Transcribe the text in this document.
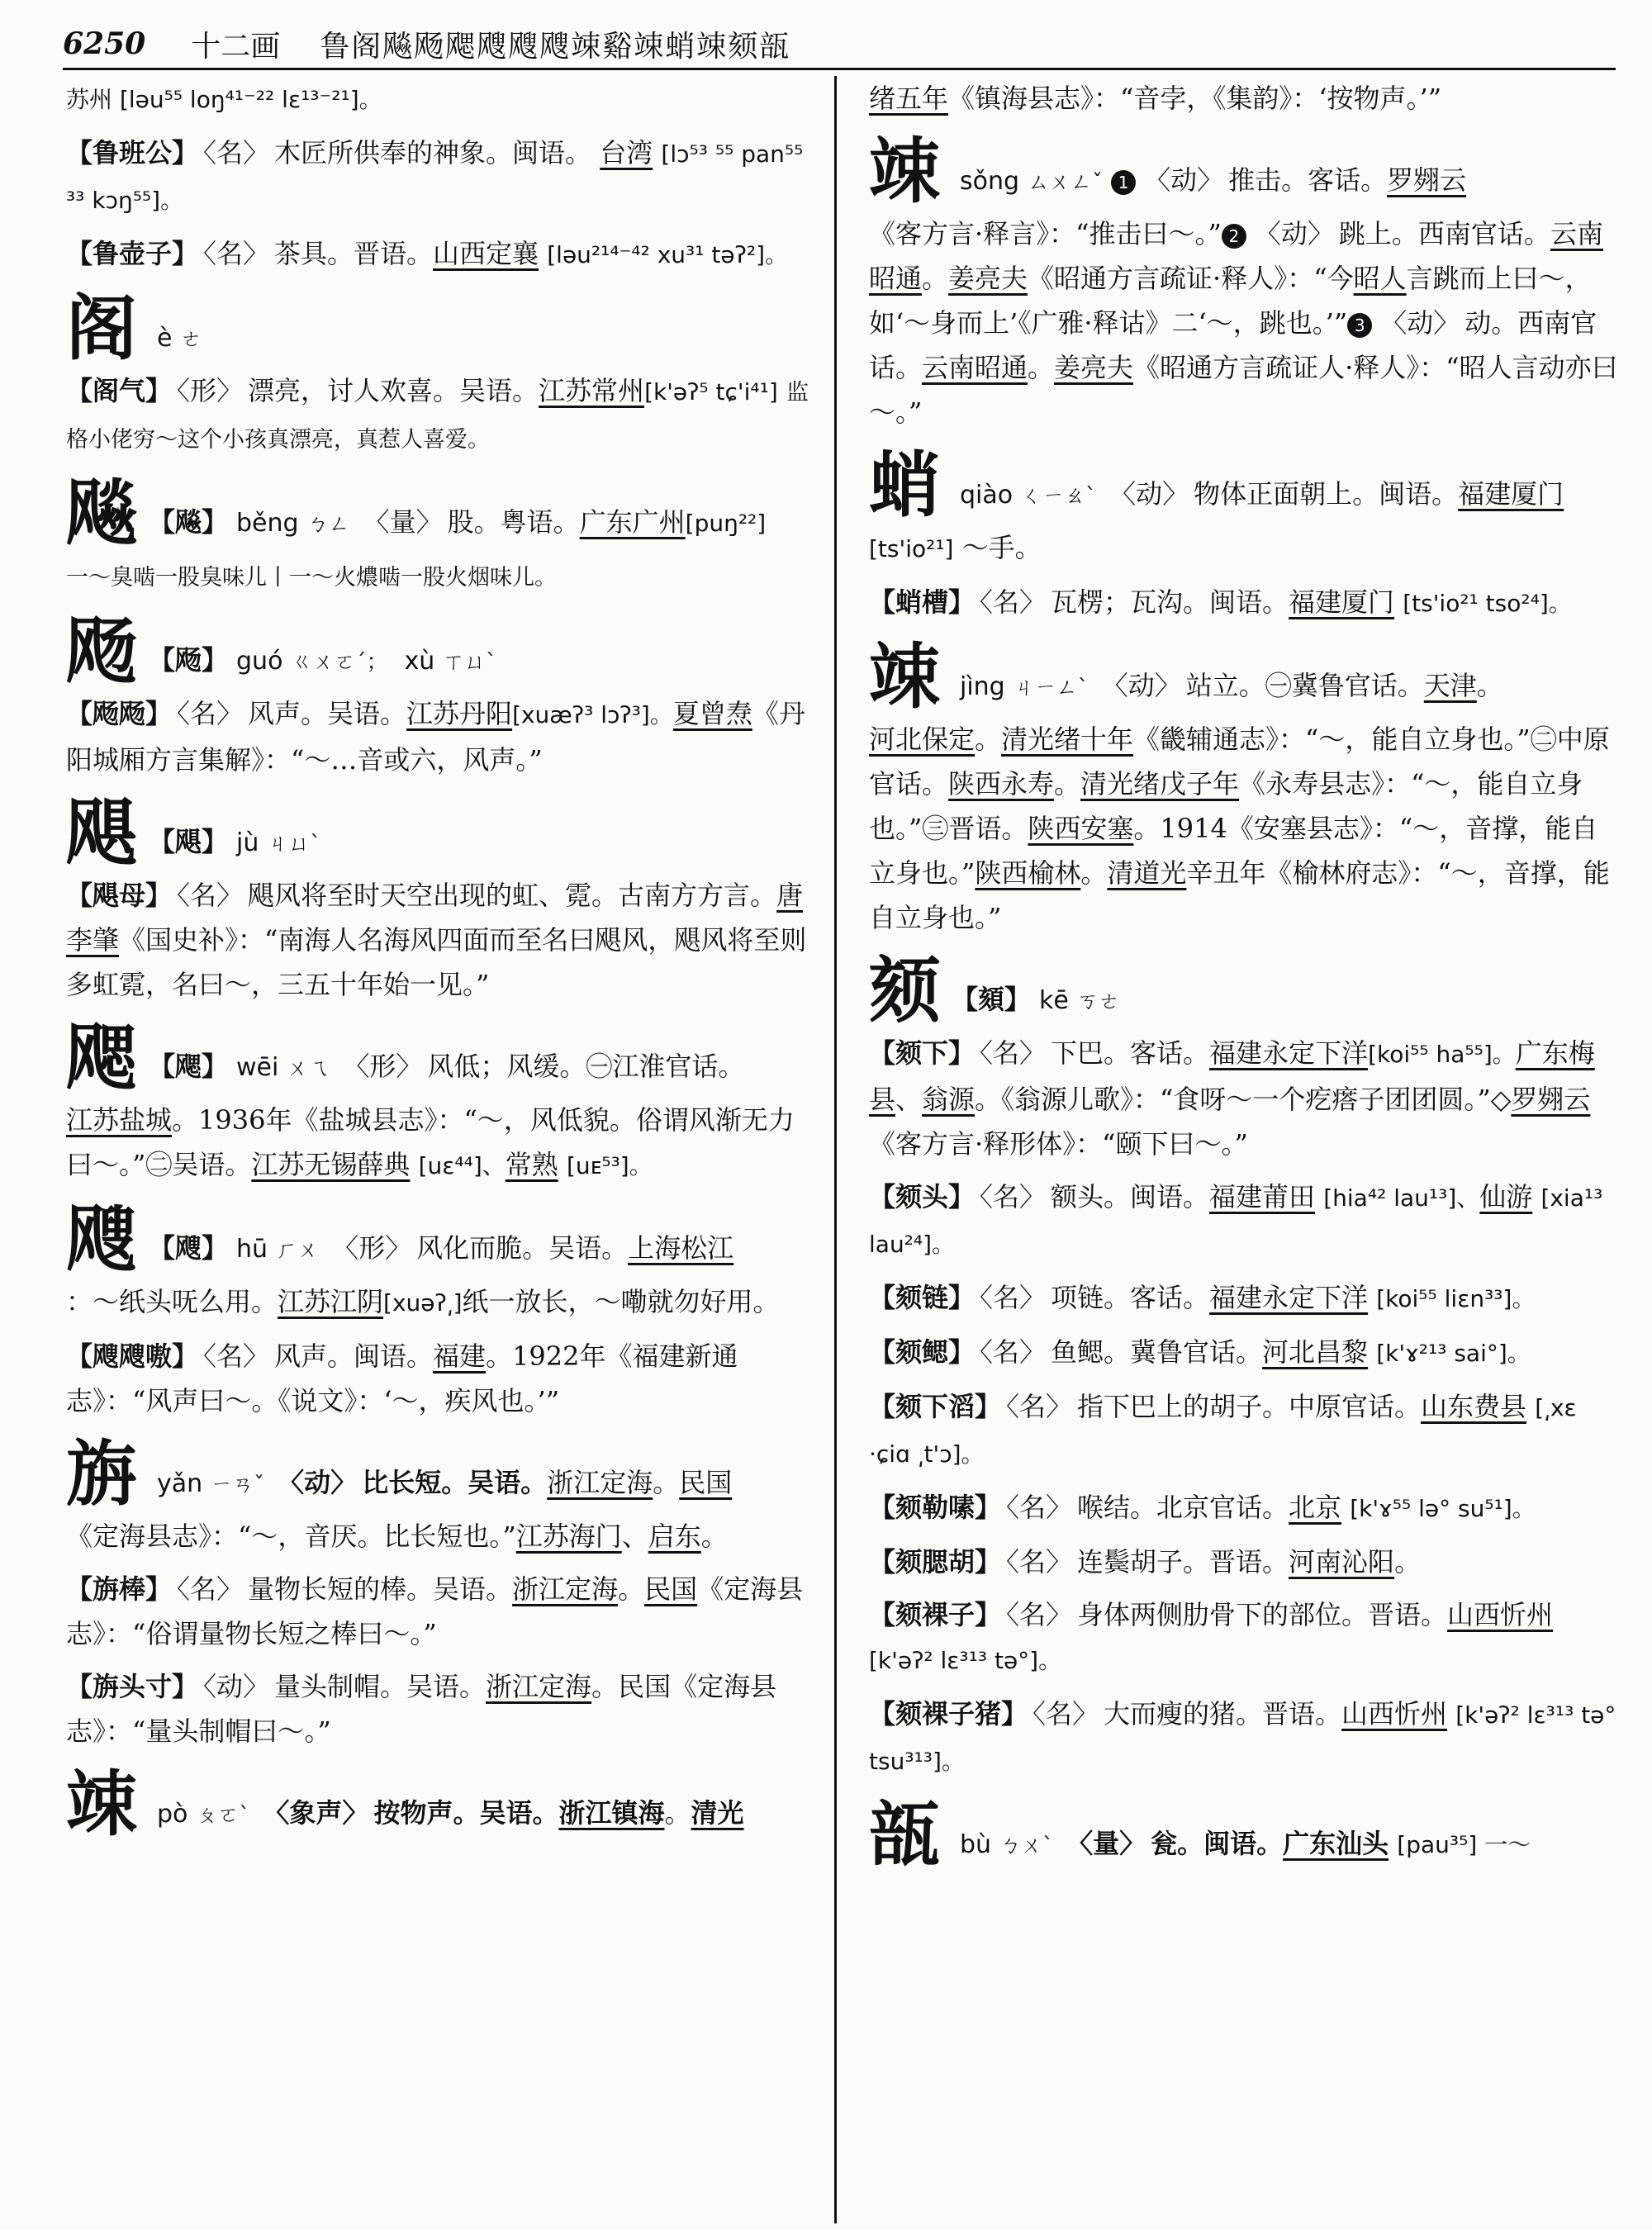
6250 十二画 鲁阁飚飏飔飕飕飕竦谿竦蛸竦颏瓿
苏州 [ləu⁵⁵ loŋ⁴¹⁻²² lɛ¹³⁻²¹]。
【鲁班公】 〈名〉 木匠所供奉的神象。闽语。 台湾 [lɔ⁵³ ⁵⁵ pan⁵⁵ ³³ kɔŋ⁵⁵]。
【鲁壶子】 〈名〉 茶具。晋语。山西定襄 [ləu²¹⁴⁻⁴² xu³¹ təʔ²]。
阁 è ㄜ
【阁气】 〈形〉 漂亮，讨人欢喜。吴语。江苏常州[k'əʔ⁵ tɕ'i⁴¹] 监格小佬穷～这个小孩真漂亮，真惹人喜爱。
飚 【飚】 běng ㄅㄥ 〈量〉 股。粤语。广东广州[puŋ²²]
一～臭啮一股臭味儿丨一～火燶啮一股火烟味儿。
飏 【飏】 guó ㄍㄨㄛˊ； xù ㄒㄩˋ
【飏飏】 〈名〉 风声。吴语。江苏丹阳[xuæʔ³ lɔʔ³]。夏曾焘《丹阳城厢方言集解》：“～…音或六，风声。”
飓 【飓】 jù ㄐㄩˋ
【飓母】 〈名〉 飓风将至时天空出现的虹、霓。古南方方言。唐李肇《国史补》：“南海人名海风四面而至名曰飓风，飓风将至则多虹霓，名曰～，三五十年始一见。”
飔 【飔】 wēi ㄨㄟ 〈形〉 风低；风缓。㊀江淮官话。
江苏盐城。1936年《盐城县志》：“～，风低貌。俗谓风渐无力曰～。”㊁吴语。江苏无锡薛典 [uɛ⁴⁴]、常熟 [uᴇ⁵³]。
飕 【飕】 hū ㄏㄨ 〈形〉 风化而脆。吴语。上海松江
：～纸头呒么用。江苏江阴[xuəʔ͵]纸一放长，～嘞就勿好用。
【飕飕嗷】 〈名〉 风声。闽语。福建。1922年《福建新通志》：“风声曰～。《说文》：‘～，疾风也。’”
旃 yǎn ㄧㄢˇ 〈动〉 比长短。吴语。浙江定海。民国
《定海县志》：“～，音厌。比长短也。”江苏海门、启东。
【旃棒】 〈名〉 量物长短的棒。吴语。浙江定海。民国《定海县志》：“俗谓量物长短之棒曰～。”
【旃头寸】 〈动〉 量头制帽。吴语。浙江定海。民国《定海县志》：“量头制帽曰～。”
竦 pò ㄆㄛˋ 〈象声〉 按物声。吴语。浙江镇海。清光
绪五年《镇海县志》：“音孛，《集韵》：‘按物声。’”
竦 sǒng ㄙㄨㄥˇ 1 〈动〉 推击。客话。罗翙云
《客方言·释言》：“推击曰～。” 2 〈动〉 跳上。西南官话。云南昭通。姜亮夫《昭通方言疏证·释人》：“今昭人言跳而上曰～，如‘～身而上’《广雅·释诂》二‘～，跳也。’” 3 〈动〉 动。西南官话。云南昭通。姜亮夫《昭通方言疏证人·释人》：“昭人言动亦曰～。”
蛸 qiào ㄑㄧㄠˋ 〈动〉 物体正面朝上。闽语。福建厦门
[ts'io²¹] ～手。
【蛸槽】 〈名〉 瓦楞；瓦沟。闽语。福建厦门 [ts'io²¹ tso²⁴]。
竦 jìng ㄐㄧㄥˋ 〈动〉 站立。㊀冀鲁官话。天津。
河北保定。清光绪十年《畿辅通志》：“～，能自立身也。”㊁中原官话。陕西永寿。清光绪戊子年《永寿县志》：“～，能自立身也。”㊂晋语。陕西安塞。1914《安塞县志》：“～，音撑，能自立身也。”陕西榆林。清道光辛丑年《榆林府志》：“～，音撑，能自立身也。”
颏 【頦】 kē ㄎㄜ
【颏下】 〈名〉 下巴。客话。福建永定下洋[koi⁵⁵ ha⁵⁵]。广东梅县、翁源。《翁源儿歌》：“食呀～一个疙瘩子团团圆。”◇罗翙云《客方言·释形体》：“颐下曰～。”
【颏头】 〈名〉 额头。闽语。福建莆田 [hia⁴² lau¹³]、仙游 [xia¹³ lau²⁴]。
【颏链】 〈名〉 项链。客话。福建永定下洋 [koi⁵⁵ liɛn³³]。
【颏鳃】 〈名〉 鱼鳃。冀鲁官话。河北昌黎 [k'ɤ²¹³ sai°]。
【颏下滔】 〈名〉 指下巴上的胡子。中原官话。山东费县 [͵xɛ ·ɕiɑ ͵t'ɔ]。
【颏勒嗉】 〈名〉 喉结。北京官话。北京 [k'ɤ⁵⁵ lə° su⁵¹]。
【颏腮胡】 〈名〉 连鬓胡子。晋语。河南沁阳。
【颏裸子】 〈名〉 身体两侧肋骨下的部位。晋语。山西忻州 [k'əʔ² lɛ³¹³ tə°]。
【颏裸子猪】 〈名〉 大而瘦的猪。晋语。山西忻州 [k'əʔ² lɛ³¹³ tə° tsu³¹³]。
瓿 bù ㄅㄨˋ 〈量〉 瓮。闽语。广东汕头 [pau³⁵] 一～
